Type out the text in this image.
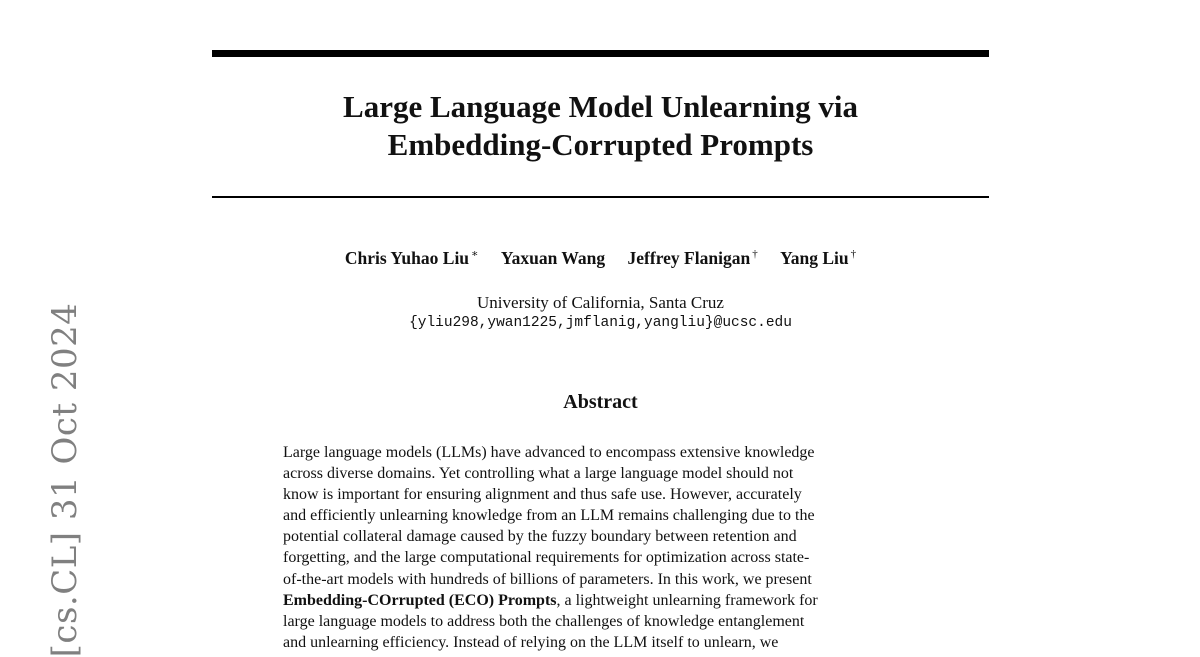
[cs.CL] 31 Oct 2024
Large Language Model Unlearning via
Embedding-Corrupted Prompts
Chris Yuhao Liu ∗ Yaxuan Wang Jeffrey Flanigan † Yang Liu †
University of California, Santa Cruz
{yliu298,ywan1225,jmflanig,yangliu}@ucsc.edu
Abstract
Large language models (LLMs) have advanced to encompass extensive knowledge
across diverse domains. Yet controlling what a large language model should not
know is important for ensuring alignment and thus safe use. However, accurately
and efficiently unlearning knowledge from an LLM remains challenging due to the
potential collateral damage caused by the fuzzy boundary between retention and
forgetting, and the large computational requirements for optimization across state-
of-the-art models with hundreds of billions of parameters. In this work, we present
Embedding-COrrupted (ECO) Prompts, a lightweight unlearning framework for
large language models to address both the challenges of knowledge entanglement
and unlearning efficiency. Instead of relying on the LLM itself to unlearn, we
